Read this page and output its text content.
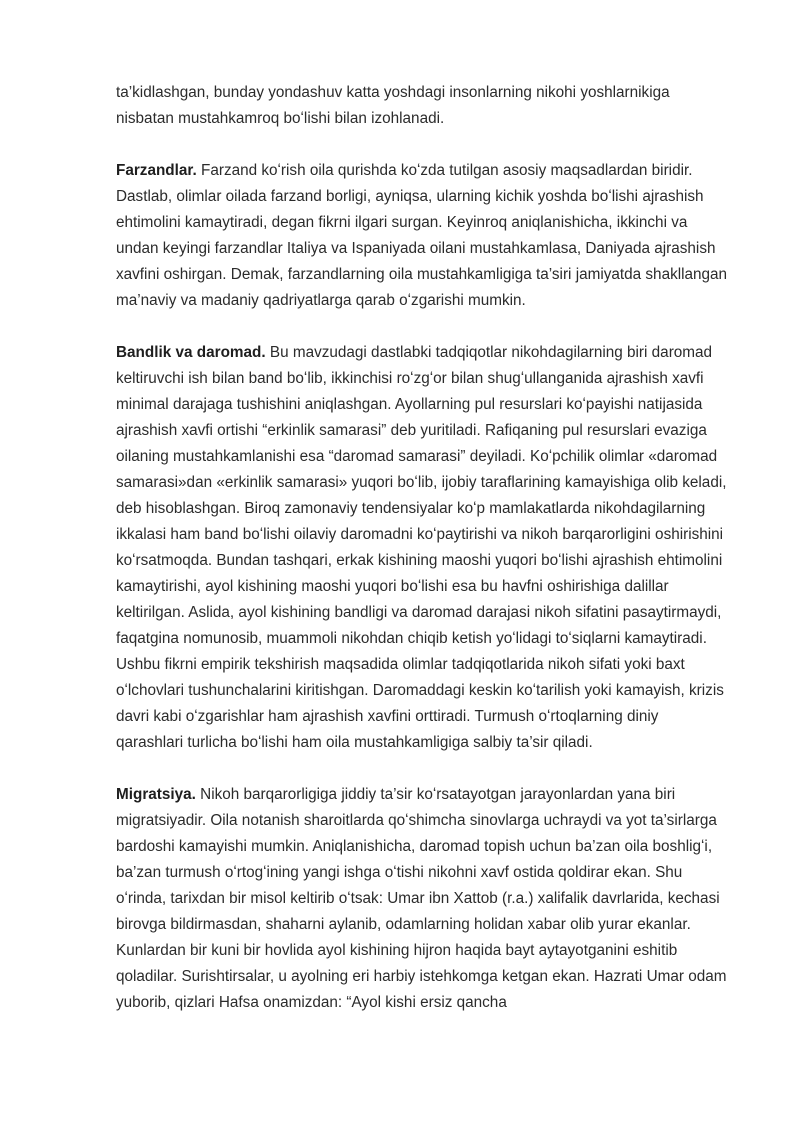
ta’kidlashgan, bunday yondashuv katta yoshdagi insonlarning nikohi yoshlarnikiga nisbatan mustahkamroq boʻlishi bilan izohlanadi.

Farzandlar. Farzand koʻrish oila qurishda koʻzda tutilgan asosiy maqsadlardan biridir. Dastlab, olimlar oilada farzand borligi, ayniqsa, ularning kichik yoshda boʻlishi ajrashish ehtimolini kamaytiradi, degan fikrni ilgari surgan. Keyinroq aniqlanishicha, ikkinchi va undan keyingi farzandlar Italiya va Ispaniyada oilani mustahkamlasa, Daniyada ajrashish xavfini oshirgan. Demak, farzandlarning oila mustahkamligiga ta’siri jamiyatda shakllangan ma’naviy va madaniy qadriyatlarga qarab oʻzgarishi mumkin.

Bandlik va daromad. Bu mavzudagi dastlabki tadqiqotlar nikohdagilarning biri daromad keltiruvchi ish bilan band boʻlib, ikkinchisi roʻzgʻor bilan shugʻullanganida ajrashish xavfi minimal darajaga tushishini aniqlashgan. Ayollarning pul resurslari koʻpayishi natijasida ajrashish xavfi ortishi “erkinlik samarasi” deb yuritiladi. Rafiqaning pul resurslari evaziga oilaning mustahkamlanishi esa “daromad samarasi” deyiladi. Koʻpchilik olimlar «daromad samarasi»dan «erkinlik samarasi» yuqori boʻlib, ijobiy taraflarining kamayishiga olib keladi, deb hisoblashgan. Biroq zamonaviy tendensiyalar koʻp mamlakatlarda nikohdagilarning ikkalasi ham band boʻlishi oilaviy daromadni koʻpaytirishi va nikoh barqarorligini oshirishini koʻrsatmoqda. Bundan tashqari, erkak kishining maoshi yuqori boʻlishi ajrashish ehtimolini kamaytirishi, ayol kishining maoshi yuqori boʻlishi esa bu havfni oshirishiga dalillar keltirilgan. Aslida, ayol kishining bandligi va daromad darajasi nikoh sifatini pasaytirmaydi, faqatgina nomunosib, muammoli nikohdan chiqib ketish yoʻlidagi toʻsiqlarni kamaytiradi. Ushbu fikrni empirik tekshirish maqsadida olimlar tadqiqotlarida nikoh sifati yoki baxt oʻlchovlari tushunchalarini kiritishgan. Daromaddagi keskin koʻtarilish yoki kamayish, krizis davri kabi oʻzgarishlar ham ajrashish xavfini orttiradi. Turmush oʻrtoqlarning diniy qarashlari turlicha boʻlishi ham oila mustahkamligiga salbiy ta’sir qiladi.

Migratsiya. Nikoh barqarorligiga jiddiy ta’sir koʻrsatayotgan jarayonlardan yana biri migratsiyadir. Oila notanish sharoitlarda qoʻshimcha sinovlarga uchraydi va yot ta’sirlarga bardoshi kamayishi mumkin. Aniqlanishicha, daromad topish uchun ba’zan oila boshligʻi, ba’zan turmush oʻrtogʻining yangi ishga oʻtishi nikohni xavf ostida qoldirar ekan. Shu oʻrinda, tarixdan bir misol keltirib oʻtsak: Umar ibn Xattob (r.a.) xalifalik davrlarida, kechasi birovga bildirmasdan, shaharni aylanib, odamlarning holidan xabar olib yurar ekanlar. Kunlardan bir kuni bir hovlida ayol kishining hijron haqida bayt aytayotganini eshitib qoladilar. Surishtirsalar, u ayolning eri harbiy istehkomga ketgan ekan. Hazrati Umar odam yuborib, qizlari Hafsa onamizdan: “Ayol kishi ersiz qancha
